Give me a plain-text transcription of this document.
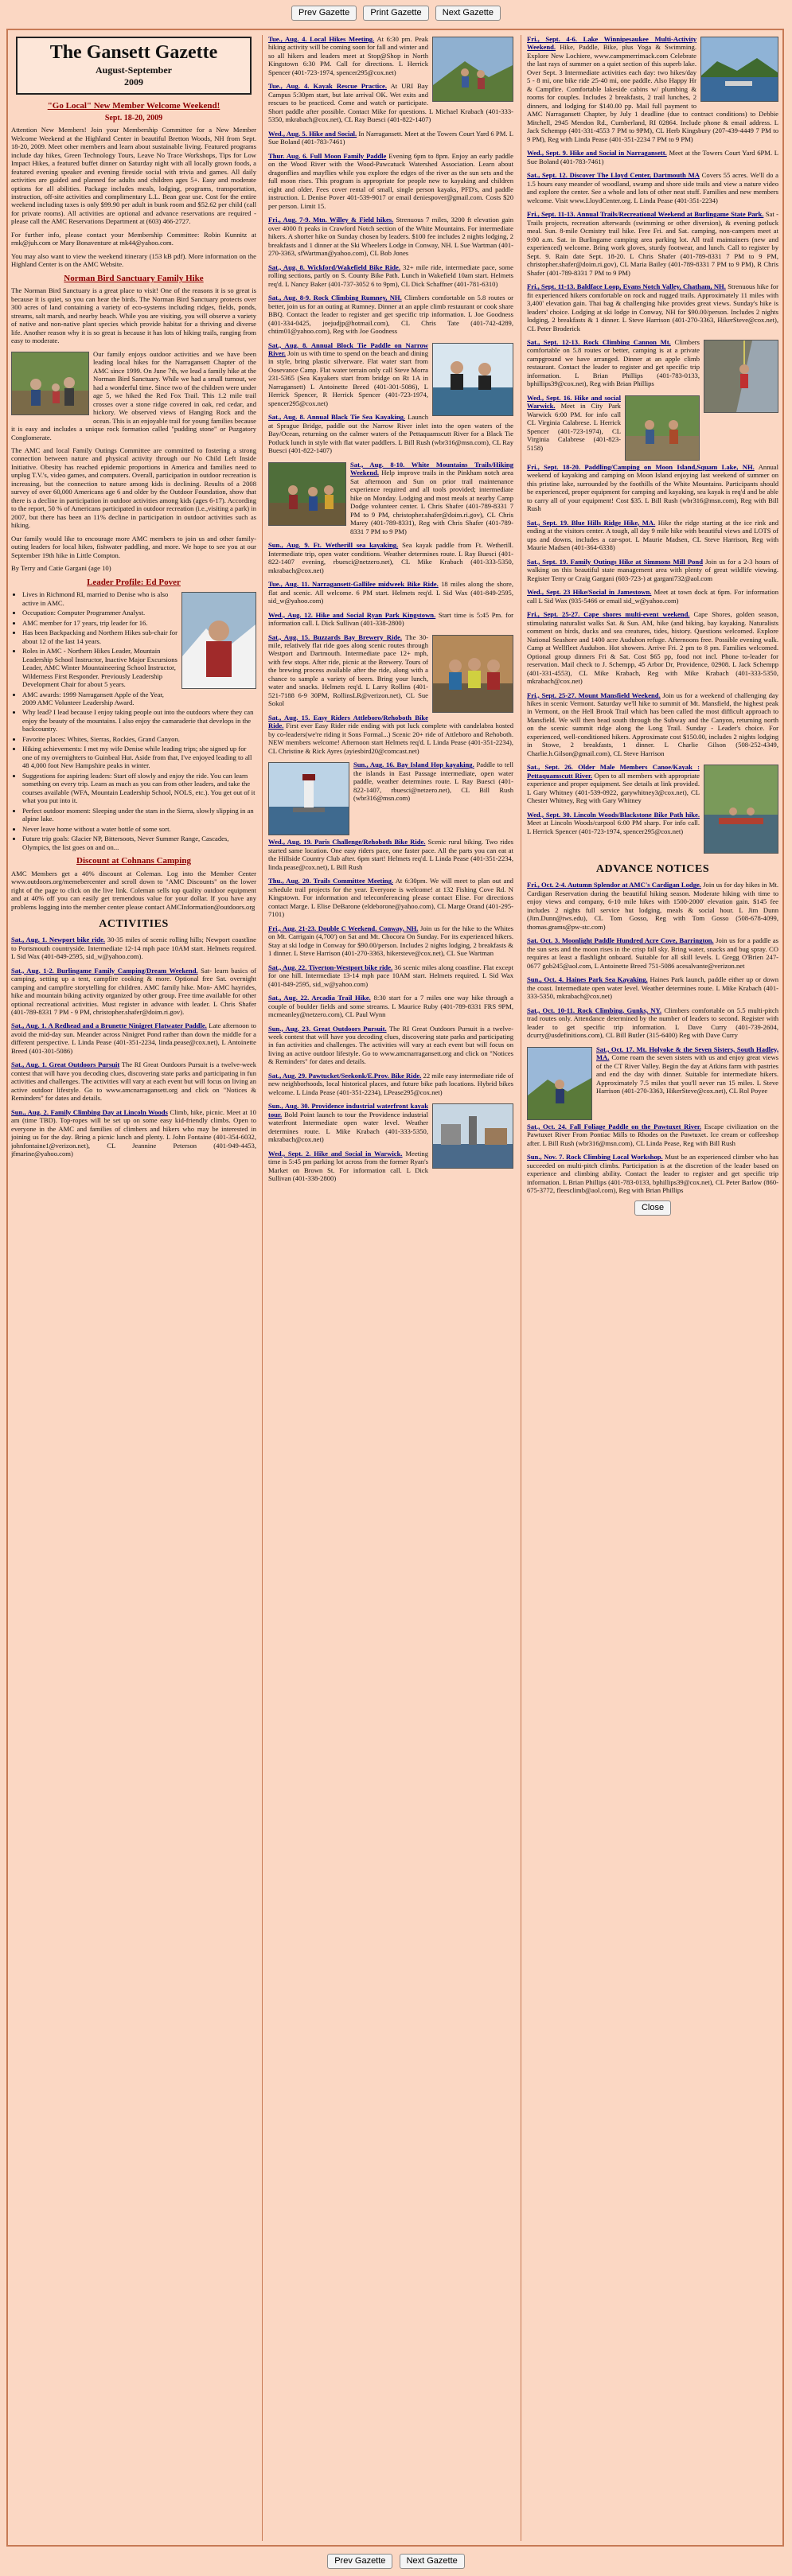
Prev Gazette Print Gazette Next Gazette
The Gansett Gazette
August-September
2009
"Go Local" New Member Welcome Weekend!
Sept. 18-20, 2009

Attention New Members! Join your Membership Committee for a New Member Welcome Weekend at the Highland Center in beautiful Bretton Woods, NH from Sept. 18-20, 2009. Meet other members and learn about sustainable living. Featured programs include day hikes, Green Technology Tours, Leave No Trace Workshops, Tips for Low Impact Hikes, a featured buffet dinner on Saturday night with all locally grown foods, a featured evening speaker and evening fireside social with trivia and games. All daily activities are guided and planned for adults and children ages 5+. Easy and moderate options for all abilities. Package includes meals, lodging, programs, transportation, instruction, off-site activities and complimentary L.L. Bean gear use. Cost for the entire weekend including taxes is only $99.90 per adult in bunk room and $52.62 per child (call for private rooms). All activities are optional and advance reservations are required - please call the AMC Reservations Department at (603) 466-2727.

For further info, please contact your Membership Committee: Robin Kunnitz at rmk@juh.com or Mary Bonaventure at mk44@yahoo.com.

You may also want to view the weekend itinerary (153 kB pdf). More information on the Highland Center is on the AMC Website.

Norman Bird Sanctuary Family Hike

The Norman Bird Sanctuary is a great place to visit! One of the reasons it is so great is because it is quiet, so you can hear the birds. The Norman Bird Sanctuary protects over 300 acres of land containing a variety of eco-systems including ridges, fields, ponds, streams, salt marsh, and nearby beach. While you are visiting, you will observe a variety of native and non-native plant species which provide habitat for a thriving and diverse life. Another reason why it is so great is because it has lots of hiking trails, ranging from easy to moderate.

Our family enjoys outdoor activities and we have been leading local hikes for the Narragansett Chapter of the AMC since 1999. On June 7th, we lead a family hike at the Norman Bird Sanctuary. While we had a small turnout, we had a wonderful time. Since two of the children were under age 5, we hiked the Red Fox Trail. This 1.2 mile trail crosses over a stone ridge covered in oak, red cedar, and hickory. We observed views of Hanging Rock and the ocean. This is an enjoyable trail for young families because it is easy and includes a unique rock formation called "pudding stone" or Puzgatory Conglomerate.

The AMC and local Family Outings Committee are committed to fostering a strong connection between nature and physical activity through our No Child Left Inside Initiative. Obesity has reached epidemic proportions in America and families need to unplug T.V.'s, video games, and computers. Overall, participation in outdoor recreation is increasing, but the connection to nature among kids is declining. Results of a 2008 survey of over 60,000 Americans age 6 and older by the Outdoor Foundation, show that there is a decline in participation in outdoor activities among kids (ages 6-17). According to the report, 50 % of Americans participated in outdoor recreation (i.e.,visiting a park) in 2007, but there has been an 11% decline in participation in outdoor activities such as hiking.

Our family would like to encourage more AMC members to join us and other family-outing leaders for local hikes, fishwater paddling, and more. We hope to see you at our September 19th hike in Little Compton.

By Terry and Catie Gargani (age 10)

Leader Profile: Ed Pover
• Lives in Richmond RI, married to Denise who is also active in AMC.
• Occupation: Computer Programmer Analyst.
• AMC member for 17 years, trip leader for 16.
• Has been Backpacking and Northern Hikes sub-chair for about 12 of the last 14 years.
• Roles in AMC - Northern Hikes Leader, Mountain Leadership School Instructor, Inactive Major Excursions Leader, AMC Winter Mountaineering School Instructor, Wilderness First Responder. Previously Leadership Development Chair for about 5 years.
• AMC awards: 1999 Narragansett Apple of the Year, 2009 AMC Volunteer Leadership Award.
• Why lead? I lead because I enjoy taking people out into the outdoors where they can enjoy the beauty of the mountains. I also enjoy the camaraderie that develops in the backcountry.
• Favorite places: Whites, Sierras, Rockies, Grand Canyon.
• Hiking achievements: I met my wife Denise while leading trips; she signed up for one of my overnighters to Guinbeal Hut. Aside from that, I've enjoyed leading to all 48 4,000 foot New Hampshire peaks in winter.
• Suggestions for aspiring leaders: Start off slowly and enjoy the ride. You can learn something on every trip. Learn as much as you can from other leaders, and take the courses available (WFA, Mountain Leadership School, NOLS, etc.). You get out of it what you put into it.
• Perfect outdoor moment: Sleeping under the stars in the Sierra, slowly slipping in an alpine lake.
• Never leave home without a water bottle of some sort.
• Future trip goals: Glacier NP, Bittersoots, Never Summer Range, Cascades, Olympics, the list goes on and on...
Discount at Cohnans Camping

AMC Members get a 40% discount at Coleman. Log into the Member Center www.outdoors.org/memebercenter and scroll down to "AMC Discounts" on the lower right of the page to click on the live link. Coleman sells top quality outdoor equipment and at 40% off you can easily get tremendous value for your dollar. If you have any problems logging into the member center please contact AMCInformation@outdoors.org

ACTIVITIES
Sat., Aug. 1. Newport bike ride. 30-35 miles of scenic rolling hills; Newport coastline to Portsmouth countryside. Intermediate 12-14 mph pace 10AM start. Helmets required. L Sid Wax (401-849-2595, sid_w@yahoo.com).
Sat., Aug. 1-2. Burlingame Family Camping/Dream Weekend. Sat- learn basics of camping, setting up a tent, campfire cooking & more. Optional free Sat. overnight camping and campfire storytelling for children. AMC family hike. Mon- AMC hayrides, hike and mountain biking activity organized by other group. Free time available for other optional recreational activities. Must register in advance with leader. L Chris Shafer (401-789-8331 7 PM - 9 PM, christopher.shafer@doim.ri.gov).
Sat., Aug. 1. A Redhead and a Brunette Ninigret Flatwater Paddle. Late afternoon to avoid the mid-day sun. Meander across Ninigret Pond rather than down the middle for a different perspective. L Linda Pease (401-351-2234, linda.pease@cox.net), L Antoinette Breed (401-301-5086)
Sat., Aug. 1. Great Outdoors Pursuit The RI Great Outdoors Pursuit is a twelve-week contest that will have you decoding clues, discovering state parks and participating in fun activities and challenges. The activities will vary at each event but will focus on living an active outdoor lifestyle. Go to www.amcnarragansett.org and click on "Notices & Reminders" for dates and details.
Sun., Aug. 2. Family Climbing Day at Lincoln Woods Climb, hike, picnic. Meet at 10 am (time TBD). Top-ropes will be set up on some easy kid-friendly climbs. Open to everyone in the AMC and families of climbers and hikers who may be interested in joining us for the day. Bring a picnic lunch and plenty. L John Fontaine (401-354-6032, johnfontaine1@verizon.net), CL Jeannine Peterson (401-949-4453, jfmarine@yahoo.com)
Tue., Aug. 4. Local Hikes Meeting. At 6:30 pm. Peak hiking activity will be coming soon for fall and winter and so all hikers and leaders meet at Stop@Shop in North Kingstown 6:30 PM. Call for directions. L Herrick Spencer (401-723-1974, spencer295@cox.net)
Tue., Aug. 4. Kayak Rescue Practice. At URI Bay Campus 5:30pm start, but late arrival OK. Wet exits and rescues to be practiced. Come and watch or participate. Short paddle after possible. Contact Mike for questions. L Michael Krabach (401-333-5350, mkrabach@cox.net), CL Ray Buesci (401-822-1407)
Wed., Aug. 5. Hike and Social. In Narragansett. Meet at the Towers Court Yard 6 PM. L Sue Boland (401-783-7461)
Thur. Aug. 6. Full Moon Family Paddle Evening 6pm to 8pm. Enjoy an early paddle on the Wood River with the Wood-Pawcatuck Watershed Association. Learn about dragonflies and mayflies while you explore the edges of the river as the sun sets and the full moon rises. This program is appropriate for people new to kayaking and children eight and older. Fees cover rental of small, single person kayaks, PFD's, and paddle instruction. L Denise Pover 401-539-9017 or email deniespover@gmail.com. Costs $20 per person. Limit 15.
Fri., Aug. 7-9. Mtn. Willey & Field hikes. Strenuous 7 miles, 3200 ft elevation gain over 4000 ft peaks in Crawford Notch section of the White Mountains. For intermediate hikers. A shorter hike on Sunday chosen by leaders. $100 fee includes 2 nights lodging, 2 breakfasts and 1 dinner at the Ski Wheelers Lodge in Conway, NH. L Sue Wartman (401-270-3363, sfWartman@yahoo.com), CL Bob Jones
Sat., Aug. 8. Wickford/Wakefield Bike Ride. 32+ mile ride, intermediate pace, some rolling sections, partly on S. County Bike Path. Lunch in Wakefield 10am start. Helmets req'd. L Nancy Baker (401-737-3052 6 to 9pm), CL Dick Schaffner (401-781-6310)
Sat., Aug. 8-9. Rock Climbing Rumney, NH. Climbers comfortable on 5.8 routes or better, join us for an outing at Rumney. Dinner at an apple climb restaurant or cook share BBQ. Contact the leader to register and get specific trip information. L Joe Goodness (401-334-0425, joejudjp@hotmail.com), CL Chris Tate (401-742-4289, chtim01@yahoo.com), Reg with Joe Goodness
Sat., Aug. 8. Annual Block Tie Paddle on Narrow River. Join us with time to spend on the beach and dining in style, bring plastic silverware. Flat water start from Oosevance Camp. Flat water terrain only call Steve Morra 231-5365 (Sea Kayakers start from bridge on Rt 1A in Narragansett) L Antoinette Breed (401-301-5086), L Herrick Spencer, R Herrick Spencer (401-723-1974, spencer295@cox.net)
Sat., Aug. 8. Annual Black Tie Sea Kayaking. Launch at Sprague Bridge, paddle out the Narrow River inlet into the open waters of the Bay/Ocean, returning on the calmer waters of the Pettaquamscutt River for a Black Tie Potluck lunch in style with flat water paddlers. L Bill Rush (wbr316@msn.com), CL Ray Buesci (401-822-1407)
Sat., Aug. 8-10. White Mountains Trails/Hiking Weekend. Help improve trails in the Pinkham notch area Sat afternoon and Sun on prior trail maintenance experience required and all tools provided; intermediate hike on Monday. Lodging and most meals at nearby Camp Dodge volunteer center. L Chris Shafer (401-789-8331 7 PM to 9 PM, christopher.shafer@doim.ri.gov), CL Chris Marey (401-789-8331), Reg with Chris Shafer (401-789-8331 7 PM to 9 PM)
Sun., Aug. 9. Ft. Wetherill sea kayaking. Sea kayak paddle from Ft. Wetherill. Intermediate trip, open water conditions. Weather determines route. L Ray Buesci (401-822-1407 evening, rbuesci@netzero.net), CL Mike Krabach (401-333-5350, mkrabach@cox.net)
Tue., Aug. 11. Narragansett-Gallilee midweek Bike Ride. 18 miles along the shore, flat and scenic. All welcome. 6 PM start. Helmets req'd. L Sid Wax (401-849-2595, sid_w@yahoo.com)
Wed., Aug. 12. Hike and Social Ryan Park Kingstown. Start time is 5:45 Pm. for information call. L Dick Sullivan (401-338-2800)
Sat., Aug. 15. Buzzards Bay Brewery Ride. The 30-mile, relatively flat ride goes along scenic routes through Westport and Dartmouth. Intermediate pace 12+ mph, with few stops. After ride, picnic at the Brewery. Tours of the brewing process available after the ride, along with a chance to sample a variety of beers. Bring your lunch, water and snacks. Helmets req'd. L Larry Rollins (401-521-7188 6-9 30PM, RollinsLR@verizon.net), CL Sue Sokol
Sat., Aug. 15. Easy Riders Attleboro/Rehoboth Bike Ride. First ever Easy Rider ride ending with pot luck complete with candelabra hosted by co-leaders(we're riding it Sons Formal...) Scenic 20+ ride of Attleboro and Rehoboth. NEW members welcome! Afternoon start Helmets req'd. L Linda Pease (401-351-2234), CL Christine & Rick Ayres (ayiesbird20@comcast.net)
Sun., Aug. 16. Bay Island Hop kayaking. Paddle to tell the islands in East Passage intermediate, open water paddle, weather determines route. L Ray Buesci (401-822-1407, rbuesci@netzero.net), CL Bill Rush (wbr316@msn.com)
Wed., Aug. 19. Paris Challenge/Rehoboth Bike Ride. Scenic rural biking. Two rides started same location. One easy riders pace, one faster pace. All the parts you can eat at the Hillside Country Club after. 6pm start! Helmets req'd. L Linda Pease (401-351-2234, linda.pease@cox.net), L Bill Rush
Thu., Aug. 20. Trails Committee Meeting. At 6:30pm. We will meet to plan out and schedule trail projects for the year. Everyone is welcome! at 132 Fishing Cove Rd. N Kingstown. For information and teleconferencing please contact Elise. For directions contact Marge. L Elise DeBarone (eldeborone@yahoo.com), CL Marge Orand (401-295-7101)
Fri., Aug. 21-23. Double C Weekend. Conway, NH. Join us for the hike to the Whites on Mt. Carrigain (4,700') on Sat and Mt. Chocora On Sunday. For its experienced hikers. Stay at ski lodge in Conway for $90.00/person. Includes 2 nights lodging, 2 breakfasts & 1 dinner. L Steve Harrison (401-270-3363, hikersteve@cox.net), CL Sue Wartman
Sat., Aug. 22. Tiverton-Westport bike ride. 36 scenic miles along coastline. Flat except for one hill. Intermediate 13-14 mph pace 10AM start. Helmets required. L Sid Wax (401-849-2595, sid_w@yahoo.com)
Sat., Aug. 22. Arcadia Trail Hike. 8:30 start for a 7 miles one way hike through a couple of boulder fields and some streams. L Maurice Ruby (401-789-8331 FRS 9PM, mcmeanley@netzero.com), CL Paul Wynn
Sun., Aug. 23. Great Outdoors Pursuit. The RI Great Outdoors Pursuit is a twelve-week contest that will have you decoding clues, discovering state parks and participating in fun activities and challenges. The activities will vary at each event but will focus on living an active outdoor lifestyle. Go to www.amcnarragansett.org and click on "Notices & Reminders" for dates and details.
Sat., Aug. 29. Pawtucket/Seekonk/E.Prov. Bike Ride. 22 mile easy intermediate ride of new neighborhoods, local historical places, and future bike path locations. Hybrid bikes welcome. L Linda Pease (401-351-2234), LPease295@cox.net)
Sun., Aug. 30. Providence industrial waterfront kayak tour. Bold Point launch to tour the Providence industrial waterfront Intermediate open water level. Weather determines route. L Mike Krabach (401-333-5350, mkrabach@cox.net)
Wed., Sept. 2. Hike and Social in Warwick. Meeting time is 5:45 pm parking lot across from the former Ryan's Market on Brown St. For information call. L Dick Sullivan (401-338-2800)
Fri., Sept. 4-6. Lake Winnipesaukee Multi-Activity Weekend. Hike, Paddle, Bike, plus Yoga & Swimming. Explore New Lochiere, www.campmerrimack.com Celebrate the last rays of summer on a quiet section of this superb lake. Over Sept. 3 Intermediate activities each day: two hikes/day 5 - 8 mi, one bike ride 25-40 mi, one paddle. Also Happy Hr & Campfire. Comfortable lakeside cabins w/ plumbing & rooms for couples. Includes 2 breakfasts, 2 trail lunches, 2 dinners, and lodging for $140.00 pp. Mail full payment to AMC Narragansett Chapter, by July 1 deadline (due to contract conditions) to Debbie Mitchell, 2945 Mendon Rd., Cumberland, RI 02864. Include phone & email address. L Jack Schempp (401-331-4553 7 PM to 9PM), CL Herb Kingsbury (207-439-4449 7 PM to 9 PM), Reg with Linda Pease (401-351-2234 7 PM to 9 PM)
Wed., Sept. 9. Hike and Social in Narragansett. Meet at the Towers Court Yard 6PM. L Sue Boland (401-783-7461)
Sat., Sept. 12. Discover The Lloyd Center, Dartmouth MA Covers 55 acres. We'll do a 1.5 hours easy meander of woodland, swamp and shore side trails and view a nature video and explore the center. See a whole and lots of other neat stuff. Families and new members welcome. Visit www.LloydCenter.org. L Linda Pease (401-351-2234)
Fri., Sept. 11-13. Annual Trails/Recreational Weekend at Burlingame State Park. Sat - Trails projects, recreation afterwards (swimming or other diversion), & evening potluck meal. Sun. 8-mile Ocmistry trail hike. Free Fri. and Sat. camping, non-campers meet at 9:00 a.m. Sat. in Burlingame camping area parking lot. All trail maintainers (new and experienced) welcome. Bring work gloves, sturdy footwear, and lunch. Call to register by Sept. 9. Rain date Sept. 18-20. L Chris Shafer (401-789-8331 7 PM to 9 PM, christopher.shafer@doim.ri.gov), CL Maria Bailey (401-789-8331 7 PM to 9 PM), R Chris Shafer (401-789-8331 7 PM to 9 PM)
Fri., Sept. 11-13. Baldface Loop, Evans Notch Valley, Chatham, NH. Strenuous hike for fit experienced hikers comfortable on rock and rugged trails. Approximately 11 miles with 3,400' elevation gain. Thai bag & challenging hike provides great views. Sunday's hike is leaders' choice. Lodging at ski lodge in Conway, NH for $90.00/person. Includes 2 nights lodging, 2 breakfasts & 1 dinner. L Steve Harrison (401-270-3363, HikerSteve@cox.net), CL Peter Broderick
Sat., Sept. 12-13. Rock Climbing Cannon Mt. Climbers comfortable on 5.8 routes or better, camping is at a private campground we have arranged. Dinner at an apple climb restaurant. Contact the leader to register and get specific trip information. L Brian Phillips (401-783-0133, bphillips39@cox.net), Reg with Brian Phillips
Wed., Sept. 16. Hike and social Warwick. Meet in City Park Warwick 6:00 PM. for info call CL Virginia Calabrese. L Herrick Spencer (401-723-1974), CL Virginia Calabrese (401-823-5158)
Fri., Sept. 18-20. Paddling/Camping on Moon Island,Squam Lake, NH. Annual weekend of kayaking and camping on Moon Island enjoying last weekend of summer on this pristine lake, surrounded by the foothills of the White Mountains. Participants should be experienced, proper equipment for camping and kayaking, sea kayak is req'd and be able to carry all of your equipment! Cost $35. L Bill Rush (wbr316@msn.com), Reg with Bill Rush
Sat., Sept. 19. Blue Hills Ridge Hike, MA. Hike the ridge starting at the ice rink and ending at the visitors center. A tough, all day 9 mile hike with beautiful views and LOTS of ups and downs, includes a car-spot. L Maurie Madsen, CL Steve Harrison, Reg with Maurie Madsen (401-364-6338)
Sat., Sept. 19. Family Outings Hike at Simmons Mill Pond Join us for a 2-3 hours of walking on this beautiful state management area with plenty of great wildlife viewing. Register Terry or Craig Gargani (603-723-) at gargani732@aol.com
Wed., Sept. 23 Hike/Social in Jamestown. Meet at town dock at 6pm. For information call L Sid Wax (935-5466 or email sid_w@yahoo.com)
Fri., Sept. 25-27. Cape shores multi-event weekend. Cape Shores, golden season, stimulating naturalist walks Sat. & Sun. AM, hike (and biking, bay kayaking. Naturalists comment on birds, ducks and sea creatures, tides, history. Questions welcomed. Explore National Seashore and 1400 acre Audubon refuge. Afternoons free. Possible evening walk. Camp at Wellfleet Audubon. Hot showers. Arrive Fri. 2 pm to 8 pm. Families welcomed. Optional group dinners Fri & Sat. Cost $65 pp, food not incl. Phone to-leader for reservation. Mail check to J. Schempp, 45 Arbor Dr, Providence, 02908. L Jack Schempp (401-331-4553), CL Mike Krabach, Reg with Mike Krabach (401-333-5350, mkrabach@cox.net)
Fri., Sept. 25-27. Mount Mansfield Weekend. Join us for a weekend of challenging day hikes in scenic Vermont. Saturday we'll hike to summit of Mt. Mansfield, the highest peak in Vermont, on the Hell Brook Trail which has been called the most difficult approach to Mansfield. We will then head south through the Subway and the Canyon, returning north on the scenic summit ridge along the Long Trail. Sunday - Leader's choice. For experienced, well-conditioned hikers. Approximate cost $150.00, includes 2 nights lodging in Stowe, 2 breakfasts, 1 dinner. L Charlie Gilson (508-252-4349, Charlie.h.Gilson@gmail.com), CL Steve Harrison
Sat., Sept. 26. Older Male Members Canoe/Kayak : Pettaquamscutt River. Open to all members with appropriate experience and proper equipment. See details at link provided. L Gary Whitney (401-539-0922, garywhitney3@cox.net), CL Chester Whitney, Reg with Gary Whitney
Wed., Sept. 30. Lincoln Woods/Blackstone Bike Path hike. Meet at Lincoln Woods/carpool 6:00 PM sharp. For info call. L Herrick Spencer (401-723-1974, spencer295@cox.net)
ADVANCE NOTICES
Fri., Oct. 2-4. Autumn Splendor at AMC's Cardigan Lodge. Join us for day hikes in Mt. Cardigan Reservation during the beautiful hiking season. Moderate hiking with time to enjoy views and company, 6-10 mile hikes with 1500-2000' elevation gain. $145 fee includes 2 nights full service hut lodging, meals & social hour. L Jim Dunn (Jim.Dunn@tws.edu), CL Tom Gosso, Reg with Tom Gosso (508-678-4099, thomas.grams@pw-stc.com)
Sat. Oct. 3. Moonlight Paddle Hundred Acre Cove, Barrington. Join us for a paddle as the sun sets and the moon rises in the crisp fall sky. Bring water, snacks and bug spray. CO requires at least a flashlight onboard. Suitable for all skill levels. L Gregg O'Brien 247-0677 gob245@aol.com, L Antoinette Breed 751-5086 acesalvante@verizon.net
Sun., Oct. 4. Haines Park Sea Kayaking. Haines Park launch, paddle either up or down the coast. Intermediate open water level. Weather determines route. L Mike Krabach (401-333-5350, mkrabach@cox.net)
Sat., Oct. 10-11. Rock Climbing, Gunks, NY. Climbers comfortable on 5.5 multi-pitch trad routes only. Attendance determined by the number of leaders to second. Register with leader to get specific trip information. L Dave Curry (401-739-2604, dcurry@usdefinitions.com), CL Bill Butler (315-6400) Reg with Dave Curry
Sat., Oct. 17. Mt. Holyoke & the Seven Sisters, South Hadley, MA. Come roam the seven sisters with us and enjoy great views of the CT River Valley. Begin the day at Atkins farm with pastries and end the day with dinner. Suitable for intermediate hikers. Approximately 7.5 miles that you'll never run 15 miles. L Steve Harrison (401-270-3363, HikerSteve@cox.net), CL Rol Poyee
Sat., Oct. 24. Fall Foliage Paddle on the Pawtuxet River. Escape civilization on the Pawtuxet River From Pontiac Mills to Rhodes on the Pawtuxet. Ice cream or coffeeshop after. L Bill Rush (wbr316@msn.com), CL Linda Pease, Reg with Bill Rush
Sun., Nov. 7. Rock Climbing Local Workshop. Must be an experienced climber who has succeeded on multi-pitch climbs. Participation is at the discretion of the leader based on experience and climbing ability. Contact the leader to register and get specific trip information. L Brian Phillips (401-783-0133, bphillips39@cox.net), CL Peter Barlow (860-675-3772, fleesclimb@aol.com), Reg with Brian Phillips
Close
Prev Gazette Next Gazette
